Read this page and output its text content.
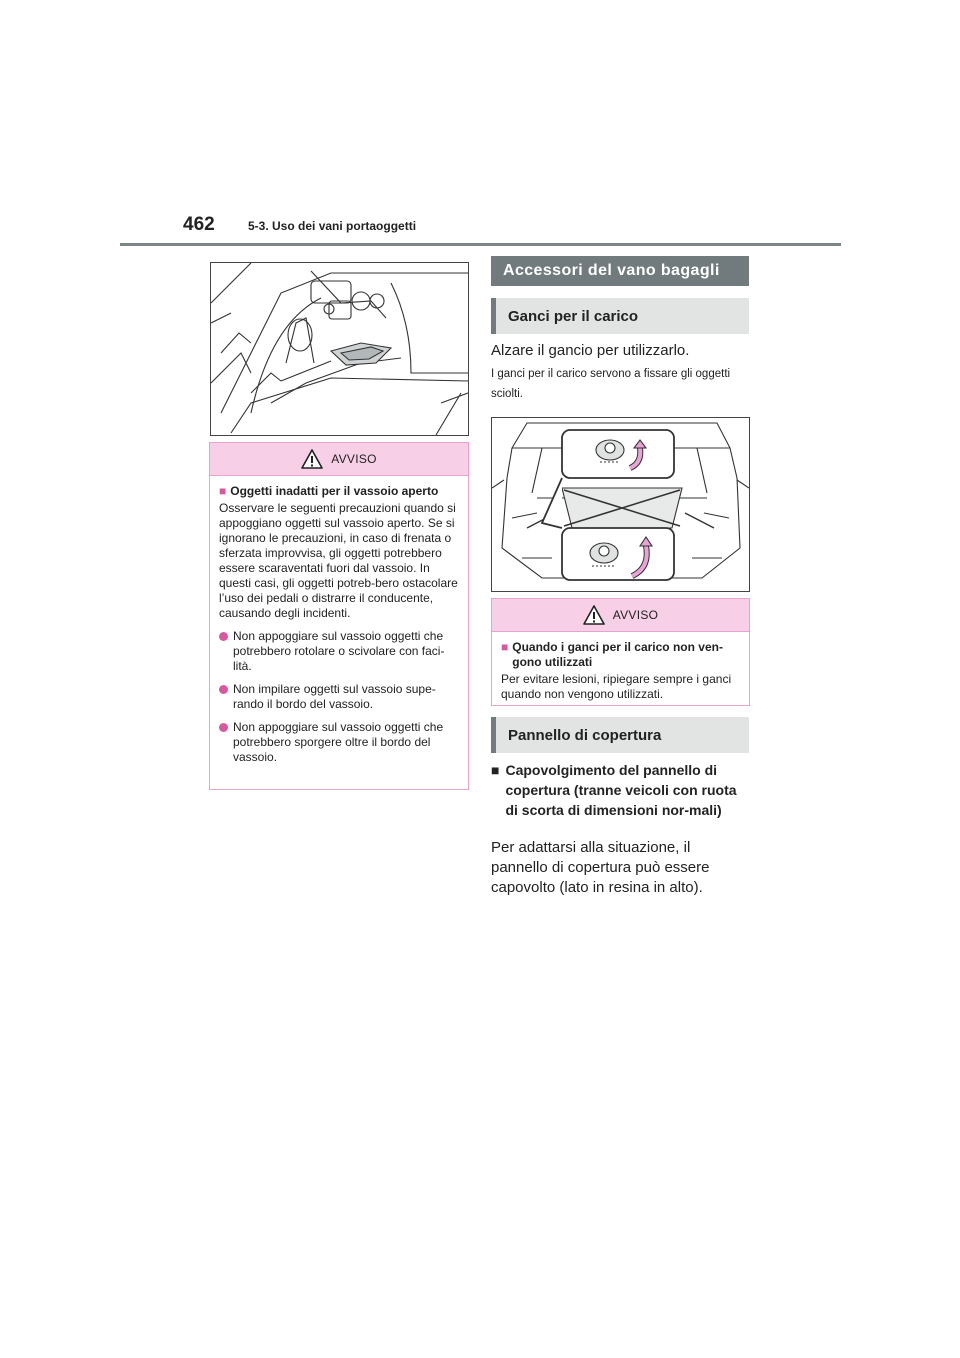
462	5-3. Uso dei vani portaoggetti
AVVISO
■ Oggetti inadatti per il vassoio aperto

Osservare le seguenti precauzioni quando si appoggiano oggetti sul vassoio aperto. Se si ignorano le precauzioni, in caso di frenata o sferzata improvvisa, gli oggetti potrebbero essere scaraventati fuori dal vassoio. In questi casi, gli oggetti potreb-bero ostacolare l’uso dei pedali o distrarre il conducente, causando degli incidenti.

Non appoggiare sul vassoio oggetti che potrebbero rotolare o scivolare con faci-lità.
Non impilare oggetti sul vassoio supe-rando il bordo del vassoio.
Non appoggiare sul vassoio oggetti che potrebbero sporgere oltre il bordo del vassoio.
Accessori del vano bagagli
Ganci per il carico
Alzare il gancio per utilizzarlo.
I ganci per il carico servono a fissare gli oggetti sciolti.
AVVISO
■ Quando i ganci per il carico non ven-gono utilizzati

Per evitare lesioni, ripiegare sempre i ganci quando non vengono utilizzati.

Pannello di copertura
■ Capovolgimento del pannello di copertura (tranne veicoli con ruota di scorta di dimensioni nor-mali)
Per adattarsi alla situazione, il pannello di copertura può essere capovolto (lato in resina in alto).
